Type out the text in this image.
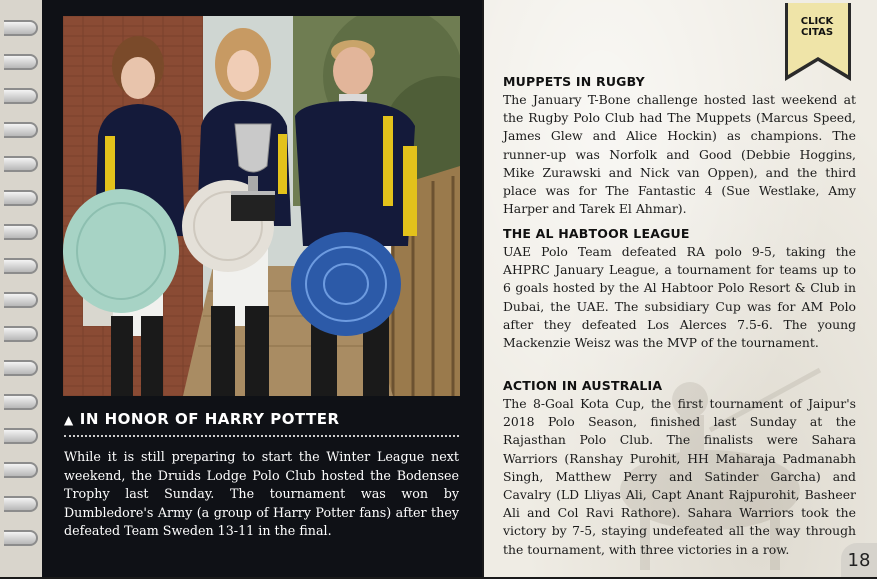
▲ IN HONOR OF HARRY POTTER
While it is still preparing to start the Winter League next weekend, the Druids Lodge Polo Club hosted the Bodensee Trophy last Sunday. The tournament was won by Dumbledore's Army (a group of Harry Potter fans) after they defeated Team Sweden 13-11 in the final.
CLICK CITAS
MUPPETS IN RUGBY

The January T-Bone challenge hosted last weekend at the Rugby Polo Club had The Muppets (Marcus Speed, James Glew and Alice Hockin) as champions. The runner-up was Norfolk and Good (Debbie Hoggins, Mike Zurawski and Nick van Oppen), and the third place was for The Fantastic 4 (Sue Westlake, Amy Harper and Tarek El Ahmar).

THE AL HABTOOR LEAGUE

UAE Polo Team defeated RA polo 9-5, taking the AHPRC January League, a tournament for teams up to 6 goals hosted by the Al Habtoor Polo Resort & Club in Dubai, the UAE. The subsidiary Cup was for AM Polo after they defeated Los Alerces 7.5-6. The young Mackenzie Weisz was the MVP of the tournament.

ACTION IN AUSTRALIA

The 8-Goal Kota Cup, the first tournament of Jaipur's 2018 Polo Season, finished last Sunday at the Rajasthan Polo Club. The finalists were Sahara Warriors (Ranshay Purohit, HH Maharaja Padmanabh Singh, Matthew Perry and Satinder Garcha) and Cavalry (LD Lliyas Ali, Capt Anant Rajpurohit, Basheer Ali and Col Ravi Rathore). Sahara Warriors took the victory by 7-5, staying undefeated all the way through the tournament, with three victories in a row.

18
